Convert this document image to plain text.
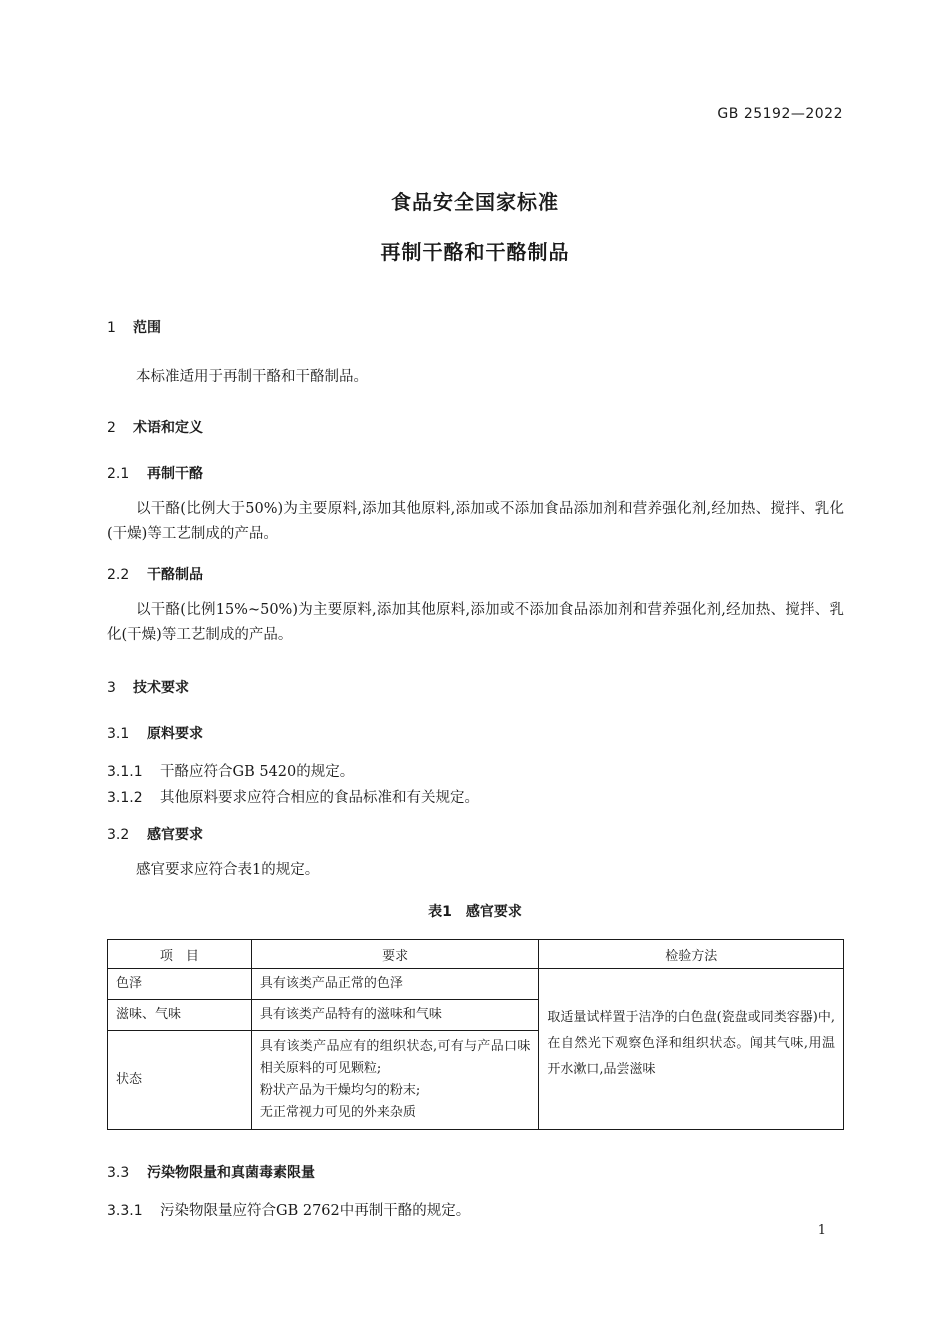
GB 25192—2022
食品安全国家标准
再制干酪和干酪制品
1 范围
本标准适用于再制干酪和干酪制品。
2 术语和定义
2.1 再制干酪
以干酪(比例大于50%)为主要原料,添加其他原料,添加或不添加食品添加剂和营养强化剂,经加热、搅拌、乳化(干燥)等工艺制成的产品。
2.2 干酪制品
以干酪(比例15%~50%)为主要原料,添加其他原料,添加或不添加食品添加剂和营养强化剂,经加热、搅拌、乳化(干燥)等工艺制成的产品。
3 技术要求
3.1 原料要求
3.1.1 干酪应符合GB 5420的规定。
3.1.2 其他原料要求应符合相应的食品标准和有关规定。
3.2 感官要求
感官要求应符合表1的规定。
表1　感官要求
项　目	要求	检验方法
色泽	具有该类产品正常的色泽	取适量试样置于洁净的白色盘(瓷盘或同类容器)中,在自然光下观察色泽和组织状态。闻其气味,用温开水漱口,品尝滋味
滋味、气味	具有该类产品特有的滋味和气味	
状态	具有该类产品应有的组织状态,可有与产品口味相关原料的可见颗粒;
粉状产品为干燥均匀的粉末;
无正常视力可见的外来杂质	
3.3 污染物限量和真菌毒素限量
3.3.1 污染物限量应符合GB 2762中再制干酪的规定。
1
